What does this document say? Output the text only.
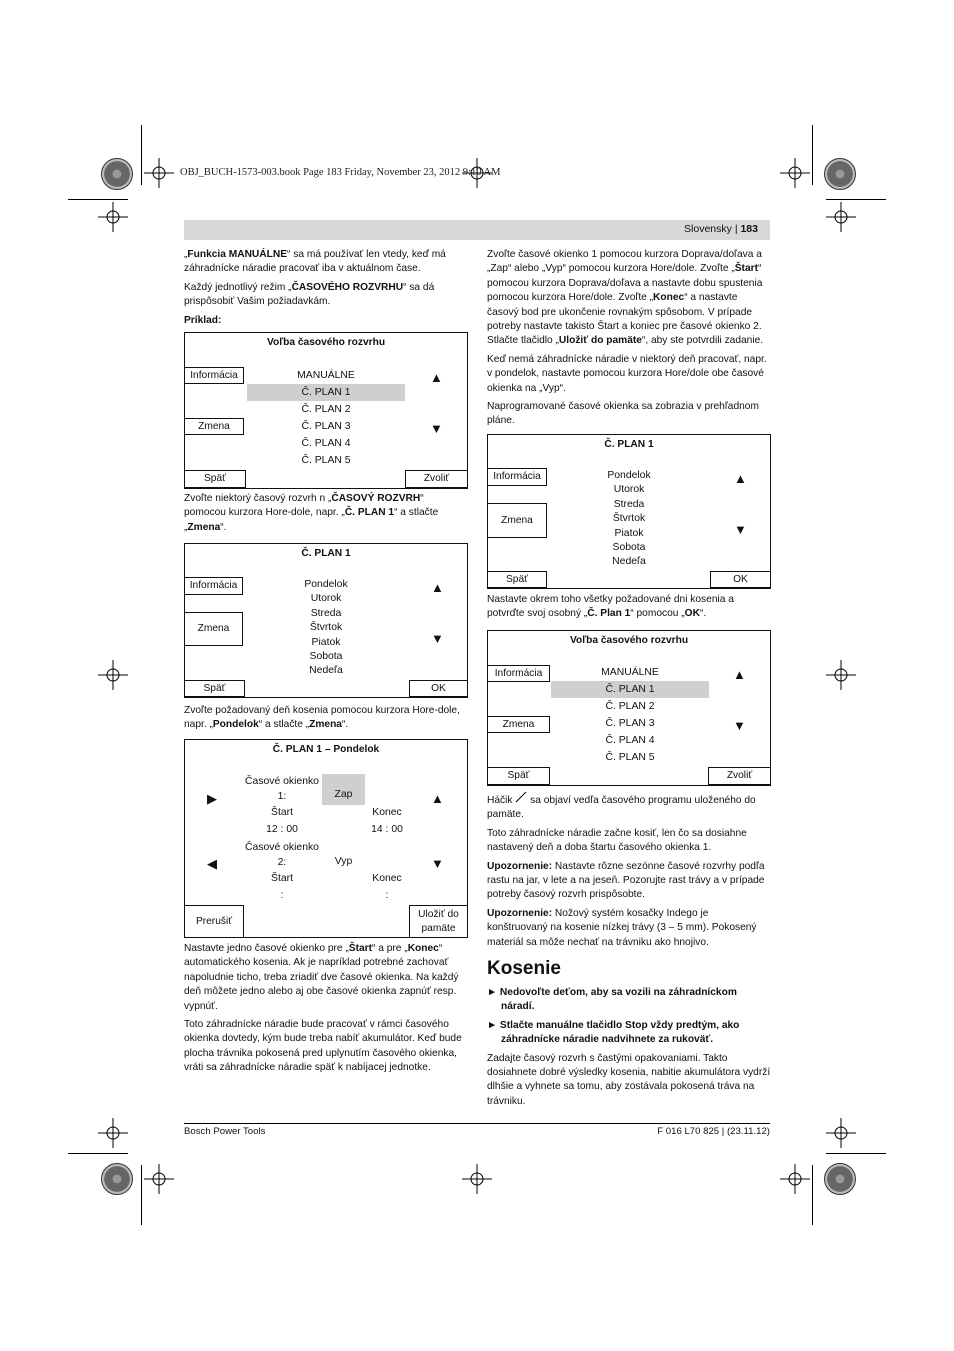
OBJ_BUCH-1573-003.book Page 183 Friday, November 23, 2012 9:10 AM
Slovensky | 183

„Funkcia MANUÁLNE“ sa má používať len vtedy, keď má záhradnícke náradie pracovať iba v aktuálnom čase.

Každý jednotlivý režim „ČASOVÉHO ROZVRHU“ sa dá prispôsobiť Vašim požiadavkám.

Príklad:

Voľba časového rozvrhu
Informácia
Zmena
Späť	Zvoliť
MANUÁLNE
Č. PLAN 1
Č. PLAN 2
Č. PLAN 3
Č. PLAN 4
Č. PLAN 5
▲
▼

Zvoľte niektorý časový rozvrh n „ČASOVÝ ROZVRH“ pomocou kurzora Hore-dole, napr. „Č. PLAN 1“ a stlačte „Zmena“.

Č. PLAN 1
Informácia
Zmena
Späť	OK
Pondelok
Utorok
Streda
Štvrtok
Piatok
Sobota
Nedeľa
▲
▼

Zvoľte požadovaný deň kosenia pomocou kurzora Hore-dole, napr. „Pondelok“ a stlačte „Zmena“.

Č. PLAN 1 – Pondelok
Časové okienko 1:	Zap
▶	▲
Štart	Konec
12 : 00	14 : 00
Časové okienko 2:	Vyp
◀	▼
Štart	Konec
:	:
Prerušiť
Uložiť do pamäte

Nastavte jedno časové okienko pre „Štart“ a pre „Konec“ automatického kosenia. Ak je napríklad potrebné zachovať napoludnie ticho, treba zriadiť dve časové okienka. Na každý deň môžete jedno alebo aj obe časové okienka zapnúť resp. vypnúť.

Toto záhradnícke náradie bude pracovať v rámci časového okienka dovtedy, kým bude treba nabíť akumulátor. Keď bude plocha trávnika pokosená pred uplynutím časového okienka, vráti sa záhradnícke náradie späť k nabíjacej jednotke.

Zvoľte časové okienko 1 pomocou kurzora Doprava/doľava a „Zap“ alebo „Vyp“ pomocou kurzora Hore/dole. Zvoľte „Štart“ pomocou kurzora Doprava/doľava a nastavte dobu spustenia pomocou kurzora Hore/dole. Zvoľte „Konec“ a nastavte časový bod pre ukončenie rovnakým spôsobom. V prípade potreby nastavte takisto Štart a koniec pre časové okienko 2. Stlačte tlačidlo „Uložiť do pamäte“, aby ste potvrdili zadanie.

Keď nemá záhradnícke náradie v niektorý deň pracovať, napr. v pondelok, nastavte pomocou kurzora Hore/dole obe časové okienka na „Vyp“.

Naprogramované časové okienka sa zobrazia v prehľadnom pláne.

Č. PLAN 1
Informácia
Zmena
Späť	OK
Pondelok
Utorok
Streda
Štvrtok
Piatok
Sobota
Nedeľa
▲
▼

Nastavte okrem toho všetky požadované dni kosenia a potvrďte svoj osobný „Č. Plan 1“ pomocou „OK“.

Voľba časového rozvrhu
Informácia
Zmena
Späť	Zvoliť
MANUÁLNE
Č. PLAN 1
Č. PLAN 2
Č. PLAN 3
Č. PLAN 4
Č. PLAN 5
▲
▼

Háčik sa objaví vedľa časového programu uloženého do pamäte.

Toto záhradnícke náradie začne kosiť, len čo sa dosiahne nastavený deň a doba štartu časového okienka 1.

Upozornenie: Nastavte rôzne sezónne časové rozvrhy podľa rastu na jar, v lete a na jeseň. Pozorujte rast trávy a v prípade potreby časový rozvrh prispôsobte.

Upozornenie: Nožový systém kosačky Indego je konštruovaný na kosenie nízkej trávy (3 – 5 mm). Pokosený materiál sa môže nechať na trávniku ako hnojivo.

Kosenie

► Nedovoľte deťom, aby sa vozili na záhradníckom náradí.

► Stlačte manuálne tlačidlo Stop vždy predtým, ako záhradnícke náradie nadvihnete za rukoväť.

Zadajte časový rozvrh s častými opakovaniami. Takto dosiahnete dobré výsledky kosenia, nabitie akumulátora vydrží dlhšie a vyhnete sa tomu, aby zostávala pokosená tráva na trávniku.

Bosch Power Tools	F 016 L70 825 | (23.11.12)
